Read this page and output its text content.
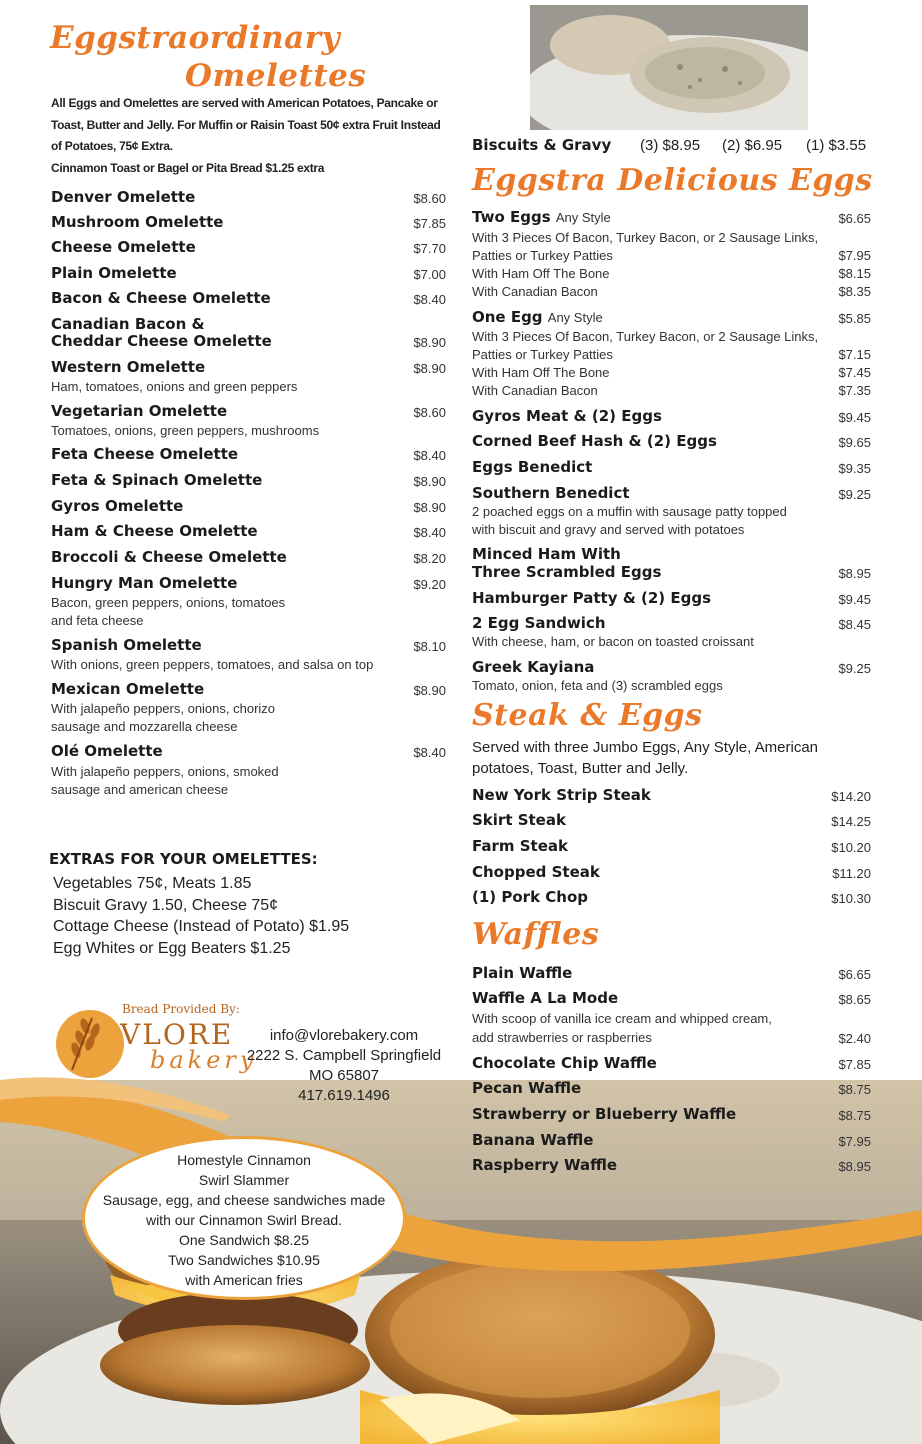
Eggstraordinary
Omelettes
All Eggs and Omelettes are served with American Potatoes, Pancake or
Toast, Butter and Jelly. For Muffin or Raisin Toast 50¢ extra Fruit Instead
of Potatoes, 75¢ Extra.
Cinnamon Toast or Bagel or Pita Bread $1.25 extra
Denver Omelette	$8.60
Mushroom Omelette	$7.85
Cheese Omelette	$7.70
Plain Omelette	$7.00
Bacon & Cheese Omelette	$8.40
Canadian Bacon &
Cheddar Cheese Omelette	$8.90
Western Omelette	$8.90
Ham, tomatoes, onions and green peppers
Vegetarian Omelette	$8.60
Tomatoes, onions, green peppers, mushrooms
Feta Cheese Omelette	$8.40
Feta & Spinach Omelette	$8.90
Gyros Omelette	$8.90
Ham & Cheese Omelette	$8.40
Broccoli & Cheese Omelette	$8.20
Hungry Man Omelette	$9.20
Bacon, green peppers, onions, tomatoes
and feta cheese
Spanish Omelette	$8.10
With onions, green peppers, tomatoes, and salsa on top
Mexican Omelette	$8.90
With jalapeño peppers, onions, chorizo
sausage and mozzarella cheese
Olé Omelette	$8.40
With jalapeño peppers, onions, smoked
sausage and american cheese
EXTRAS FOR YOUR OMELETTES:
Vegetables 75¢, Meats 1.85
Biscuit Gravy 1.50, Cheese 75¢
Cottage Cheese (Instead of Potato) $1.95
Egg Whites or Egg Beaters $1.25
Bread Provided By:
VLORE
bakery
info@vlorebakery.com
2222 S. Campbell Springfield
MO 65807
417.619.1496
Homestyle Cinnamon
Swirl Slammer
Sausage, egg, and cheese sandwiches made
with our Cinnamon Swirl Bread.
One Sandwich $8.25
Two Sandwiches $10.95
with American fries
Biscuits & Gravy (3) $8.95 (2) $6.95 (1) $3.55
Eggstra Delicious Eggs
Two Eggs Any Style	$6.65
With 3 Pieces Of Bacon, Turkey Bacon, or 2 Sausage Links,
Patties or Turkey Patties	$7.95
With Ham Off The Bone	$8.15
With Canadian Bacon	$8.35
One Egg Any Style	$5.85
With 3 Pieces Of Bacon, Turkey Bacon, or 2 Sausage Links,
Patties or Turkey Patties	$7.15
With Ham Off The Bone	$7.45
With Canadian Bacon	$7.35
Gyros Meat & (2) Eggs	$9.45
Corned Beef Hash & (2) Eggs	$9.65
Eggs Benedict	$9.35
Southern Benedict	$9.25
2 poached eggs on a muffin with sausage patty topped
with biscuit and gravy and served with potatoes
Minced Ham With
Three Scrambled Eggs	$8.95
Hamburger Patty & (2) Eggs	$9.45
2 Egg Sandwich	$8.45
With cheese, ham, or bacon on toasted croissant
Greek Kayiana	$9.25
Tomato, onion, feta and (3) scrambled eggs
Steak & Eggs
Served with three Jumbo Eggs, Any Style, American
potatoes, Toast, Butter and Jelly.
New York Strip Steak	$14.20
Skirt Steak	$14.25
Farm Steak	$10.20
Chopped Steak	$11.20
(1) Pork Chop	$10.30
Waffles
Plain Waffle	$6.65
Waffle A La Mode	$8.65
With scoop of vanilla ice cream and whipped cream,
add strawberries or raspberries	$2.40
Chocolate Chip Waffle	$7.85
Pecan Waffle	$8.75
Strawberry or Blueberry Waffle	$8.75
Banana Waffle	$7.95
Raspberry Waffle	$8.95
